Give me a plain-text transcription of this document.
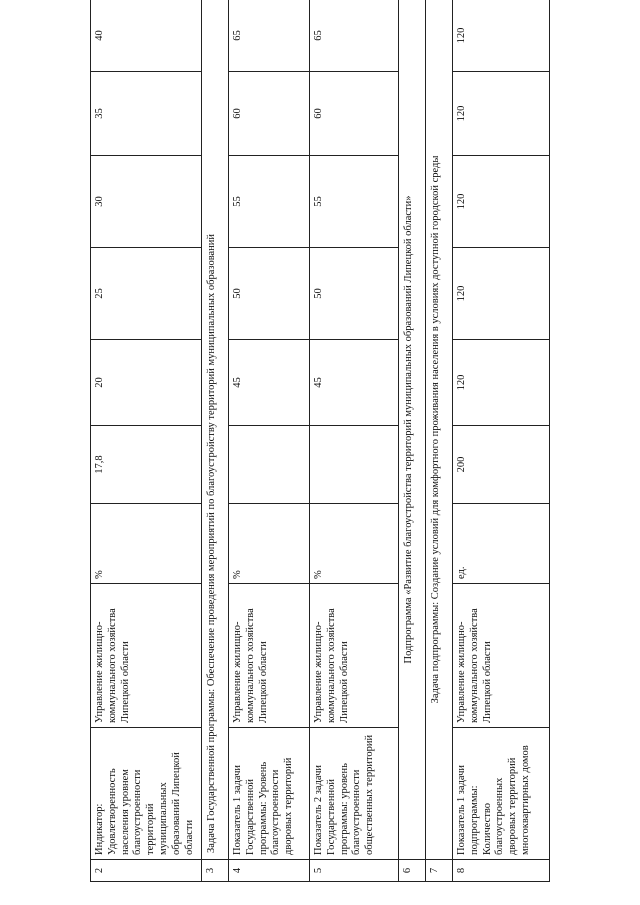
2	Индикатор: Удовлетворенность населения уровнем благоустроенности территорий муниципальных образований Липецкой области	Управление жилищно-коммунального хозяйства Липецкой области	%	17,8	20	25	30	35	40
3	Задача Государственной программы: Обеспечение проведения мероприятий по благоустройству территорий муниципальных образований								
4	Показатель 1 задачи Государственной программы: Уровень благоустроенности дворовых территорий	Управление жилищно-коммунального хозяйства Липецкой области	%		45	50	55	60	65
5	Показатель 2 задачи Государственной программы: уровень благоустроенности общественных территорий	Управление жилищно-коммунального хозяйства Липецкой области	%		45	50	55	60	65
6	Подпрограмма «Развитие благоустройства территорий муниципальных образований Липецкой области»								
7	Задача подпрограммы: Создание условий для комфортного проживания населения в условиях доступной городской среды								
8	Показатель 1 задачи подпрограммы: Количество благоустроенных дворовых территорий многоквартирных домов	Управление жилищно-коммунального хозяйства Липецкой области	ед.	200	120	120	120	120	120
